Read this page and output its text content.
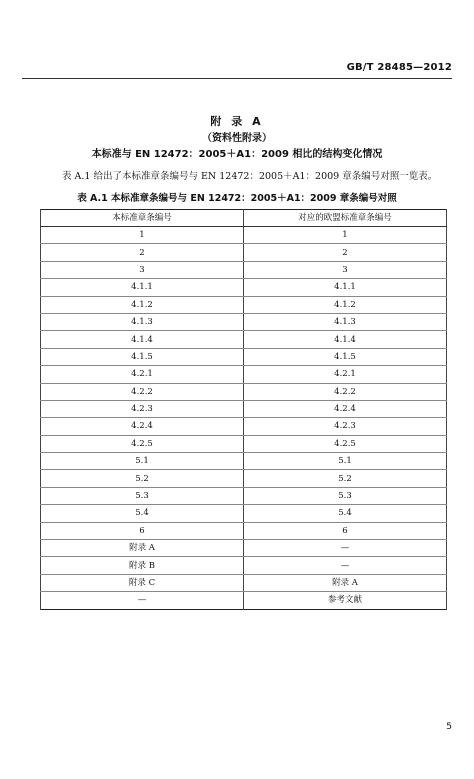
GB/T 28485—2012
附 录 A
（资料性附录）
本标准与 EN 12472：2005＋A1：2009 相比的结构变化情况
表 A.1 给出了本标准章条编号与 EN 12472：2005＋A1：2009 章条编号对照一览表。
表 A.1 本标准章条编号与 EN 12472：2005＋A1：2009 章条编号对照
本标准章条编号	对应的欧盟标准章条编号
1	1
2	2
3	3
4.1.1	4.1.1
4.1.2	4.1.2
4.1.3	4.1.3
4.1.4	4.1.4
4.1.5	4.1.5
4.2.1	4.2.1
4.2.2	4.2.2
4.2.3	4.2.4
4.2.4	4.2.3
4.2.5	4.2.5
5.1	5.1
5.2	5.2
5.3	5.3
5.4	5.4
6	6
附录 A	—
附录 B	—
附录 C	附录 A
—	参考文献
5
